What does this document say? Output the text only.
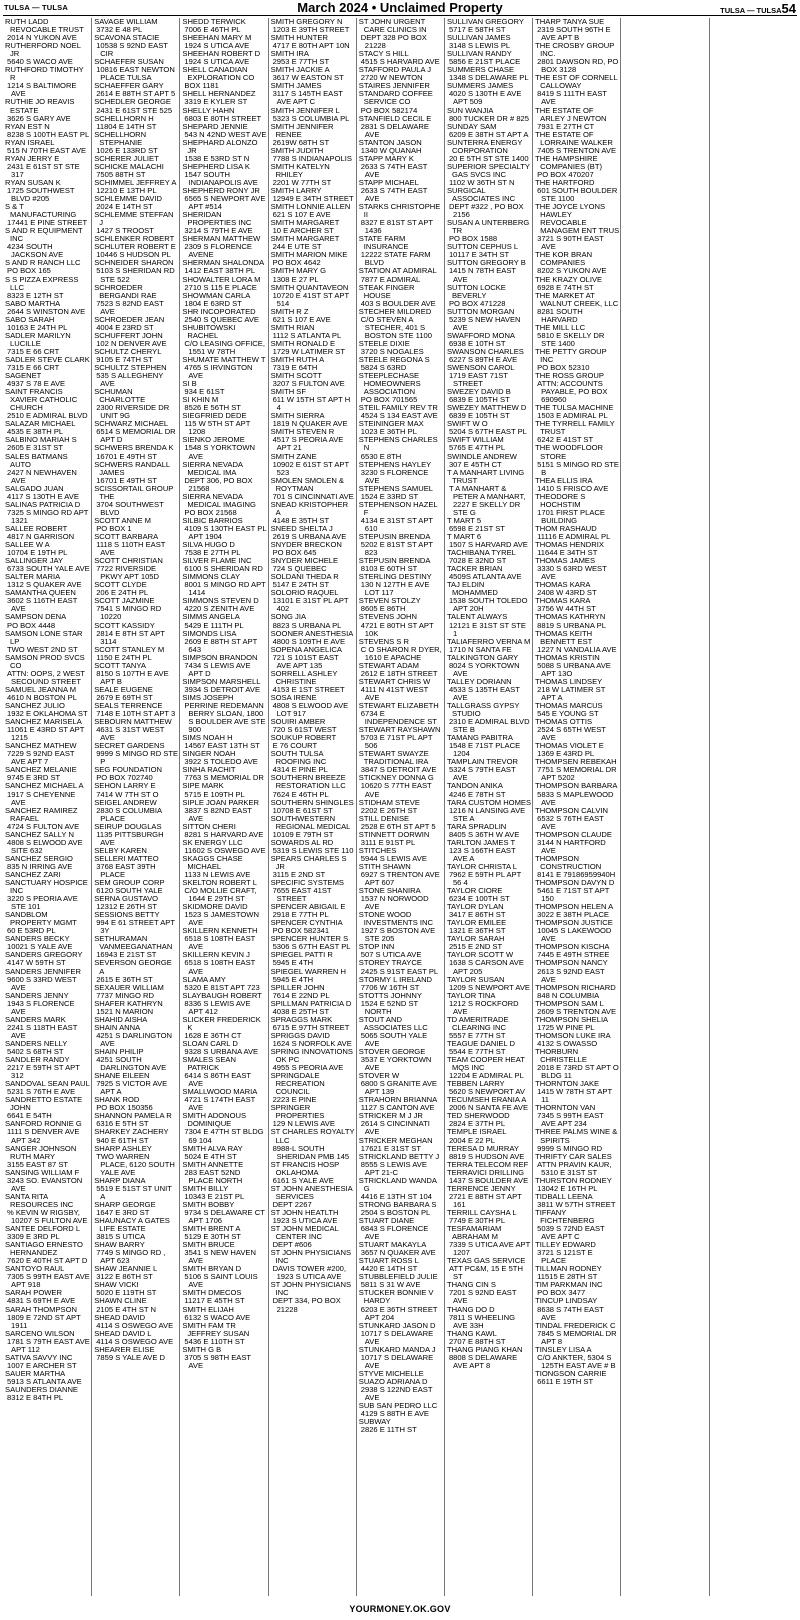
TULSA — TULSA	March 2024 • Unclaimed Property	TULSA — TULSA54
RUTH LADD REVOCABLE TRUST
2014 N YUKON AVE
RUTHERFORD NOEL JR
5640 S WACO AVE
RUTHFORD TIMOTHY R
1214 S BALTIMORE AVE
RUTHIE JO REAVIS ESTATE
3626 S GARY AVE
RYAN EST N
8238 S 100TH EAST PL
RYAN ISRAEL
515 N 70TH EAST AVE
RYAN JERRY E
2431 E 61ST ST STE 317
RYAN SUSAN K
1725 SOUTHWEST BLVD #205
S & T MANUFACTURING
17441 E PINE STREET
S AND R EQUIPMENT INC
4234 SOUTH JACKSON AVE
S AND R RANCH LLC
PO BOX 165
S S PIZZA EXPRESS LLC
8323 E 12TH ST
SABO MARTHA
2644 S WINSTON AVE
SABO SARAH
10163 E 24TH PL
SADLER MARILYN LUCILLE
7315 E 66 CRT
SADLER STEVE CLARK
7315 E 66 CRT
SAGENET
4937 S 78 E AVE
SAINT FRANCIS XAVIER CATHOLIC CHURCH
2510 E ADMIRAL BLVD
SALAZAR MICHAEL
4535 E 38TH PL
SALBINO MARIAH S
2605 E 31ST ST
SALES BATMANS AUTO
2427 N NEWHAVEN AVE
SALGADO JUAN
4117 S 130TH E AVE
SALINAS PATRICIA D
7325 S MINGO RD APT 1321
SALLEE ROBERT
4817 N GARRISON
SALLEE W A
10704 E 19TH PL
SALLINGER JAY
6733 SOUTH YALE AVE
SALTER MARIA
1312 S QUAKER AVE
SAMANTHA QUEEN
3602 S 116TH EAST AVE
SAMPSON DENA
PO BOX 4448
SAMSON LONE STAR LP
TWO WEST 2ND ST
SAMSON PROD SVCS CO
ATTN: OOPS, 2 WEST SECOUND STREET
SAMUEL JEANNA M
4610 N BOSTON PL
SANCHEZ JULIO
1932 E OKLAHOMA ST
SANCHEZ MARISELA
11061 E 43RD ST APT 1215
SANCHEZ MATHEW
7229 S 92ND EAST AVE APT 7
SANCHEZ MELANIE
9745 E 3RD ST
SANCHEZ MICHAEL A
1917 S CHEYENNE AVE
SANCHEZ RAMIREZ RAFAEL
4724 S FULTON AVE
SANCHEZ SALLY N
4808 S ELWOOD AVE SITE 632
SANCHEZ SERGIO
835 N IRRING AVE
SANCHEZ ZARI
SANCTUARY HOSPICE INC
3220 S PEORIA AVE STE 101
SANDBLOM PROPERTY MGMT
60 E 53RD PL
SANDERS BECKY
10021 S YALE AVE
SANDERS GREGORY
4147 W 59TH ST
SANDERS JENNIFER
9600 S 33RD WEST AVE
SANDERS JENNY
1943 S FLORENCE AVE
SANDERS MARK
2241 S 118TH EAST AVE
SANDERS NELLY
5402 S 68TH ST
SANDLER RANDY
2217 E 59TH ST APT 312
SANDOVAL SEAN PAUL
5231 S 76TH E AVE
SANDRETTO ESTATE JOHN
6641 E 54TH
SANFORD RONNIE G
1111 S DENVER AVE APT 342
SANGER JOHNSON RUTH MARY
3155 EAST 87 ST
SANSING WILLIAM F
3243 SO. EVANSTON AVE
SANTA RITA RESOURCES INC
% KEVIN W RIGSBY, 10207 S FULTON AVE
SANTEE DELFORD L
3309 E 3RD PL
SANTIAGO ERNESTO HERNANDEZ
7620 E 40TH ST APT D
SANTOYO RAUL
7305 S 99TH EAST AVE APT 918
SARAH POWER
4831 S 69TH E AVE
SARAH THOMPSON
1809 E 72ND ST APT 1911
SARCENO WILSON
1781 S 79TH EAST AVE APT 112
SATIVA SAVVY INC
1007 E ARCHER ST
SAUER MARTHA
5913 S ATLANTA AVE
SAUNDERS DIANNE
8312 E 84TH PL
SAVAGE WILLIAM
3732 E 48 PL
SCAVONA STACIE
10538 S 92ND EAST CIR
SCHAEFER SUSAN
10816 EAST NEWTON PLACE TULSA
SCHAEFFER GARY
2614 E 88TH ST APT 5
SCHEDLER GEORGE
2431 E 61ST STE 525
SCHELLHORN H
11804 E 14TH ST
SCHELLHORN STEPHANIE
1026 E 133RD ST
SCHERER JULIET
SCHICKE MALACHI
7505 88TH ST
SCHIMMEL JEFFREY A
12210 E 13TH PL
SCHLEMME DAVID
2024 E 14TH ST
SCHLEMME STEFFAN J
1427 S TROOST
SCHLENKER ROBERT
SCHLUTER ROBERT E
10446 S HUDSON PL
SCHNEIDER SHARON
5103 S SHERIDAN RD STE 522
SCHROEDER BERGANDI RAE
7523 S 82ND EAST AVE
SCHROEDER JEAN
4004 E 23RD ST
SCHUFFERT JOHN
102 N DENVER AVE
SCHULTZ CHERYL
9105 E 74TH ST
SCHULTZ STEPHEN
535 S ALLEGHENY AVE
SCHUMAN CHARLOTTE
2300 RIVERSIDE DR UNIT 9G
SCHWARZ MICHAEL
6514 S MEMORIAL DR APT D
SCHWERS BRENDA K
16701 E 49TH ST
SCHWERS RANDALL JAMES
16701 E 49TH ST
SCISSORTAIL GROUP THE
3704 SOUTHWEST BLVD
SCOTT ANNE M
PO BOX 1
SCOTT BARBARA
1118 S 110TH EAST AVE
SCOTT CHRISTIAN
7722 RIVERSIDE PKWY APT 105D
SCOTT CLYDE
206 E 24TH PL
SCOTT JAZMINE
7541 S MINGO RD 10220
SCOTT KASSIDY
2814 E 8TH ST APT 3114
SCOTT STANLEY M
1150 E 24TH PL
SCOTT TANYA
8150 S 107TH E AVE APT B
SEALE EUGENE
2679 E 69TH ST
SEALS TERRENCE
7148 E 10TH ST APT 3
SEBOURN MATTHEW
4631 S 31ST WEST AVE
SECRET GARDENS
9999 S MINGO RD STE P
SEG FOUNDATION
PO BOX 702740
SEHON LARRY E
7414 W 7TH ST O
SEIGEL ANDREW
2830 S COLUMBIA PLACE
SEIRUP DOUGLAS
1135 PITTSBURGH AVE
SELBY KAREN
SELLERI MATTEO
3768 EAST 39TH PLACE
SEM GROUP CORP
6120 SOUTH YALE
SERNA GUSTAVO
12312 E 26TH ST
SESSIONS BETTY
994 E 61 STREET APT 3Y
SETHURAMAN VANMEEGANATHAN
16943 E 21ST ST
SEVERSON GEORGE A
2615 E 36TH ST
SEXAUER WILLIAM
7737 MINGO RD
SHAFER KATHRYN
1521 N MARION
SHAHID AISHA
SHAIN ANNA
4251 S DARLINGTON AVE
SHAIN PHILIP
4251 SOUTH DARLINGTON AVE
SHANE EILEEN
7925 S VICTOR AVE APT A
SHANK ROD
PO BOX 150356
SHANNON PAMELA R
6316 E 5TH ST
SHARKEY ZACHERY
940 E 61TH ST
SHARP ASHLEY
TWO WARREN PLACE, 6120 SOUTH YALE AVE
SHARP DIANA
5519 E 51ST ST UNIT A
SHARP GEORGE
1647 E 3RD ST
SHAUNACY A GATES LIFE ESTATE
3815 S UTICA
SHAW BARRY
7749 S MINGO RD , APT 623
SHAW JEANNIE L
3122 E 86TH ST
SHAW VICKI
5020 E 119TH ST
SHAWN CLINE
2105 E 4TH ST N
SHEAD DAVID
4114 S OSWEGO AVE
SHEAD DAVID L
4114 S OSWEGO AVE
SHEARER ELISE
7859 S YALE AVE D
SHEDD TERWICK
7006 E 46TH PL
SHEEHAN MARY M
1924 S UTICA AVE
SHEEHAN ROBERT D
1924 S UTICA AVE
SHELL CANADIAN EXPLORATION CO
BOX 1181
SHELL HERNANDEZ
3319 E KYLER ST
SHELLY HAHN
6803 E 80TH STREET
SHEPARD JENNIE
543 N 42ND WEST AVE
SHEPHARD ALONZO JR
1538 E 53RD ST N
SHEPHERD LISA K
1547 SOUTH INDIANAPOLIS AVE
SHEPHERD RONY JR
6565 S NEWPORT AVE APT #514
SHERIDAN PROPERTIES INC
3214 S 79TH E AVE
SHERMAN MATTHEW
2309 S FLORENCE AVENE
SHERMAN SHALONDA
1412 EAST 38TH PL
SHOWALTER LORA M
2710 S 115 E PLACE
SHOWMAN CARLA
1804 E 63RD ST
SHR INCOPORATED
2540 S QUEBEC AVE
SHUBITOWSKI RACHEL
C/O LEASING OFFICE, 1551 W 78TH
SHUMATE MATTHEW T
4765 S IRVINGTON AVE
SI B
934 E 61ST
SI KHIN M
8526 E 56TH ST
SIEGFRIED DEDE
115 W 5TH ST APT 1208
SIENKO JEROME
1548 S YORKTOWN AVE
SIERRA NEVADA MEDICAL IMA
DEPT 306, PO BOX 21568
SIERRA NEVADA MEDICAL IMAGING
PO BOX 21568
SILBIC BARRIOS
4109 S 130TH EAST PL APT 1904
SILVA HUGO D
7538 E 27TH PL
SILVER FLAME INC
6100 S SHERIDAN RD
SIMMONS CLAY
8001 S MINGO RD APT 1414
SIMMONS STEVEN D
4220 S ZENITH AVE
SIMMS ANGELA
5429 E 111TH PL
SIMONDS LISA
2609 E 88TH ST APT 643
SIMPSON BRANDON
7434 S LEWIS AVE APT D
SIMPSON MARSHELL
3934 S DETROIT AVE
SIMS JOSEPH
PERRINE REDEMANN BERRY SLOAN, 1800 S BOULDER AVE STE 900
SIMS NOAH H
14567 EAST 13TH ST
SINGER NOAH
3922 S TOLEDO AVE
SINHA RACHIT
7763 S MEMORIAL DR
SIPE MARK
5715 E 109TH PL
SIPLE JOAN PARKER
3837 S 82ND EAST AVE
SITTON CHERI
8281 S HARVARD AVE
SK ENERGY LLC
11602 S OSWEGO AVE
SKAGGS CHASE MICHAEL
1133 N LEWIS AVE
SKELTON ROBERT L
C/O MOLLIE CRAFT, 1644 E 29TH ST
SKIDMORE DAVID
1523 S JAMESTOWN AVE
SKILLERN KENNETH
6518 S 108TH EAST AVE
SKILLERN KEVIN J
6518 S 108TH EAST AVE
SLAMA AMY
5320 E 81ST APT 723
SLAYBAUGH ROBERT
8336 S LEWIS AVE APT 412
SLICKER FREDERICK K
1628 E 36TH CT
SLOAN CARL D
9328 S URBANA AVE
SMALES SEAN PATRICK
6414 S 86TH EAST AVE
SMALLWOOD MARIA
4721 S 174TH EAST AVE
SMITH ADONOUS DOMINIQUE
7304 E 47TH ST BLDG 69 104
SMITH ALVA RAY
5024 E 4TH ST
SMITH ANNETTE
283 EAST 52ND PLACE NORTH
SMITH BILLY
10343 E 21ST PL
SMITH BOBBY
9734 S DELAWARE CT APT 1706
SMITH BRENT A
5129 E 30TH ST
SMITH BRUCE
3541 S NEW HAVEN AVE
SMITH BRYAN D
5106 S SAINT LOUIS AVE
SMITH DMECOS
11217 E 45TH ST
SMITH ELIJAH
6132 S WACO AVE
SMITH FAM TR JEFFREY SUSAN
5436 E 110TH ST
SMITH G B
3705 S 98TH EAST AVE
SMITH GREGORY N
1203 E 39TH STREET
SMITH HUNTER
4717 E 80TH APT 10N
SMITH IRA
2953 E 77TH ST
SMITH JACKIE A
3617 W EASTON ST
SMITH JAMES
3117 S 145TH EAST AVE APT C
SMITH JENNIFER L
5323 S COLUMBIA PL
SMITH JENNIFER RENEE
2619W 68TH ST
SMITH JUDITH
7788 S INDIANAPOLIS
SMITH KATELYN RHILEY
2201 W 77TH ST
SMITH LARRY
12949 E 34TH STREET
SMITH LONNIE ALLEN
621 S 107 E AVE
SMITH MARGARET
10 E ARCHER ST
SMITH MARGARET
244 E UTE ST
SMITH MARION MIKE
PO BOX 4642
SMITH MARY G
1308 E 27 PL
SMITH QUANTAVEON
10720 E 41ST ST APT 514
SMITH R Z
621 S 107 E AVE
SMITH RIAN
1112 S ATLANTA PL
SMITH RONALD E
1729 W LATIMER ST
SMITH RUTH A
7319 E 64TH
SMITH SCOTT
3207 S FULTON AVE
SMITH SF
611 W 15TH ST APT H 4
SMITH SIERRA
1819 N QUAKER AVE
SMITH STEVEN R
4517 S PEORIA AVE APT 21
SMITH ZANE
10902 E 61ST ST APT 523
SMOLEN SMOLEN & ROYTMAN
701 S CINCINNATI AVE
SNEAD KRISTOPHER A
4148 E 35TH ST
SNEED SHELTA J
2619 S URBANA AVE
SNYDER BRECKON
PO BOX 645
SNYDER MICHELE
724 S QUEBEC
SOLDANI THEDA R
5147 E 24TH ST
SOLORIO RAQUEL
13101 E 31ST PL APT 402
SONG JIA
8823 S URBANA PL
SOONER ANESTHESIA
4800 S 109TH E AVE
SOPENA ANGELICA
721 S 101ST EAST AVE APT 135
SORRELL ASHLEY CHRISTINE
4153 E 1ST STREET
SOSA IRENE
4808 S ELWOOD AVE LOT 917
SOUIRI AMBER
720 S 61ST WEST
SOUKUP ROBERT
E 76 COURT
SOUTH TULSA ROOFING INC
4314 E PINE PL
SOUTHERN BREEZE RESTORATION LLC
7624 E 46TH PL
SOUTHERN SHINGLES
10708 E 61ST ST
SOUTHWESTERN REGIONAL MEDICAL
10109 E 79TH ST
SOWARDS AL RD
5319 S LEWIS STE 110
SPEARS CHARLES S JR
3115 E 2ND ST
SPECIFIC SYSTEMS
7655 EAST 41ST STREET
SPENCER ABIGAIL E
2918 E 77TH PL
SPENCER CYNTHIA
PO BOX 582341
SPENCER HUNTER S
5306 S 67TH EAST PL
SPIEGEL PATTI R
5945 E 4TH
SPIEGEL WARREN H
5945 E 4TH
SPILLER JOHN
7614 E 22ND PL
SPILLMAN PATRICIA D
4038 E 25TH ST
SPRAGGS MARK
6715 E 97TH STREET
SPRIGGS DAVID
1624 S NORFOLK AVE
SPRING INNOVATIONS OK PC
4955 S PEORIA AVE
SPRINGDALE RECREATION COUNCIL
2223 E PINE
SPRINGER PROPERTIES
129 N LEWIS AVE
ST CHARLES ROYALTY LLC
8988-L SOUTH SHERIDAN PMB 145
ST FRANCIS HOSP OKLAHOMA
6161 S YALE AVE
ST JOHN ANESTHESIA SERVICES
DEPT 2267
ST JOHN HEATLTH
1923 S UTICA AVE
ST JOHN MEDICAL CENTER INC
DEPT #606
ST JOHN PHYSICIANS INC
DAVIS TOWER #200, 1923 S UTICA AVE
ST JOHN PHYSICIANS INC
DEPT 334, PO BOX 21228
ST JOHN URGENT CARE CLINICS IN
DEPT 328 PO BOX 21228
STACY S HILL
4515 S HARVARD AVE
STAFFORD PAULA J
2720 W NEWTON
STAIRES JENNIFER
STANDARD COFFEE SERVICE CO
PO BOX 582174
STANFIELD CECIL E
2831 S DELAWARE AVE
STANTON JASON
1340 W QUANAH
STAPP MARY K
2633 S 74TH EAST AVE
STAPP MICHAEL
2633 S 74TH EAST AVE
STARKS CHRISTOPHE II
8327 E 81ST ST APT 1436
STATE FARM INSURANCE
12222 STATE FARM BLVD
STATION AT ADMIRAL
7877 E ADMIRAL
STEAK FINGER HOUSE
403 S BOULDER AVE
STECHER MILDRED
C/O STEVEN A STECHER, 401 S BOSTON STE 1100
STEELE DIXIE
3720 S NOGALES
STEELE REGONA S
5824 S 63RD
STEEPLECHASE HOMEOWNERS ASSOCIATION
PO BOX 701565
STEIL FAMILY REV TR
4524 S 134 EAST AVE
STEININGER MAX
1023 E 36TH PL
STEPHENS CHARLES N
6530 E 8TH
STEPHENS HAYLEY
3230 S FLORENCE AVE
STEPHENS SAMUEL
1524 E 33RD ST
STEPHENSON HAZEL F
4134 E 31ST ST APT 610
STEPUSIN BRENDA
5202 E 81ST ST APT 823
STEPUSIN BRENDA
8103 E 60TH ST
STERLING DESTINY
130 N 127TH E AVE LOT 117
STEVEN STOLZY
8605 E 86TH
STEVENS JOHN
4721 E 80TH ST APT 10K
STEVENS S R
C O SHARON R DYER, 1610 E APACHE
STEWART ADAM
2612 E 18TH STREET
STEWART CHRIS W
4111 N 41ST WEST AVE
STEWART ELIZABETH
6734 E INDEPENDENCE ST
STEWART RAYSHAWN
5703 E 71ST PL APT 506
STEWART SWAYZE TRADITIONAL IRA
3847 S DETROIT AVE
STICKNEY DONNA G
10620 S 77TH EAST AVE
STIDHAM STEVE
2202 E 26TH ST
STILL DENISE
2528 E 6TH ST APT 5
STINNETT DORWIN
3111 E 91ST PL
STITCHES
5944 S LEWIS AVE
STITH SHAWN
6927 S TRENTON AVE APT 607
STONE SHANIRA
1537 N NORWOOD AVE
STONE WOOD INVESTMENTS INC
1927 S BOSTON AVE STE 205
STOP INN
507 S UTICA AVE
STOREY TRAYCE
2425 S 91ST EAST PL
STORMY L IRELAND
7706 W 16TH ST
STOTTS JOHNNY
1524 E 52ND ST NORTH
STOUT AND ASSOCIATES LLC
5065 SOUTH YALE AVE
STOVER GEORGE
3537 E YORKTOWN AVE
STOVER W
6800 S GRANITE AVE APT 139
STRAHORN BRIANNA
1127 S CANTON AVE
STRICKER M J JR
2614 S CINCINNATI AVE
STRICKER MEGHAN
17621 E 31ST ST
STRICKLAND BETTY J
8555 S LEWIS AVE APT 21-C
STRICKLAND WANDA G
4416 E 13TH ST 104
STRONG BARBARA S
2504 S BOSTON PL
STUART DIANE
6843 S FLORENCE AVE
STUART MAKAYLA
3657 N QUAKER AVE
STUART ROSS L
4420 E 14TH ST
STUBBLEFIELD JULIE
5811 S 31 W AVE
STUCKER BONNIE V HARDY
6203 E 36TH STREET APT 204
STUNKARD JASON D
10717 S DELAWARE AVE
STUNKARD MANDA J
10717 S DELAWARE AVE
STYVE MICHELLE
SUAZO ADRIANA D
2938 S 122ND EAST AVE
SUB SAN PEDRO LLC
4129 S 88TH E AVE
SUBWAY
2826 E 11TH ST
SULLIVAN GREGORY
5717 E 58TH ST
SULLIVAN JAMES
3148 S LEWIS PL
SULLIVAN RANDY
5856 E 21ST PLACE
SUMMERS CHASE
1348 S DELAWARE PL
SUMMERS JAMES
4020 S 130TH E AVE APT 509
SUN WANJIA
800 TUCKER DR # 825
SUNDAY SAM
6209 E 38TH ST APT A
SUNTERRA ENERGY CORPORATION
20 E 5TH ST STE 1400
SUPERIOR SPECIALTY GAS SVCS INC
1102 W 36TH ST N
SURGICAL ASSOCIATES INC
DEPT #322 , PO BOX 2156
SUSAN A UNTERBERG TR
PO BOX 1588
SUTTON CEPHUS L
10117 E 34TH ST
SUTTON GREGORY B
1415 N 78TH EAST AVE
SUTTON LOCKE BEVERLY
PO BOX 471228
SUTTON MORGAN
5239 S NEW HAVEN AVE
SWAFFORD MONA
6938 E 10TH ST
SWANSON CHARLES
6227 S 89TH E AVE
SWENSON CAROL
1719 EAST 71ST STREET
SWEZEY DAVID B
6839 E 105TH ST
SWEZEY MATTHEW D
6839 E 105TH ST
SWIFT W O
5204 S 67TH EAST PL
SWIFT WILLIAM
5765 E 47TH PL
SWINDLE ANDREW
307 E 45TH CT
T A MANHART LIVING TRUST
T A MANHART & PETER A MANHART, 2227 E SKELLY DR STE G
T MART 5
6598 E 21ST ST
T MART 6
1507 S HARVARD AVE
TACHIBANA TYREL
7028 E 32ND ST
TACKER BRIAN
4509S ATLANTA AVE
TAJ ELDIN MOHAMMED
1538 SOUTH TOLEDO APT 20H
TALENT ALWAYS
12121 E 31ST ST STE 1
TALIAFERRO VERNA M
1710 N SANTA FE
TALKINGTON GARY
8024 S YORKTOWN AVE
TALLEY DORIANN
4533 S 135TH EAST AVE
TALLGRASS GYPSY STUDIO
2310 E ADMIRAL BLVD STE B
TAMANG PABITRA
1548 E 71ST PLACE 1204
TAMPLAIN TREVOR
5324 S 79TH EAST AVE
TANDON ANIKA
4246 E 78TH ST
TARA CUSTOM HOMES
1216 N LANSING AVE STE A
TARA SPRADLIN
8405 S 36TH W AVE
TARLTON JAMES T
123 S 166TH EAST AVE A
TAYLOR CHRISTA L
7962 E 59TH PL APT 56 4
TAYLOR CIORE
6234 E 100TH ST
TAYLOR DYLAN
3417 E 86TH ST
TAYLOR EMILEE
1321 E 36TH ST
TAYLOR SARAH
2515 E 2ND ST
TAYLOR SCOTT W
1638 S CARSON AVE APT 205
TAYLOR SUSAN
1209 S NEWPORT AVE
TAYLOR TINA
1212 S ROCKFORD AVE
TD AMERITRADE CLEARING INC
5557 E 77TH ST
TEAGUE DANIEL D
5544 E 77TH ST
TEAM COOPER HEAT MQS INC
12204 E ADMIRAL PL
TEBBEN LARRY
5620 S NEWPORT AV
TECUMSEH ERANIA A
2006 N SANTA FE AVE
TED SHERWOOD
2824 E 37TH PL
TEMPLE ISRAEL
2004 E 22 PL
TERESA D MURRAY
8819 S HUDSON AVE
TERRA TELECOM REF
TERRAVICI DRILLING
1437 S BOULDER AVE
TERRENCE JENNY
2721 E 88TH ST APT 161
TERRILL CAYSHA L
7749 E 30TH PL
TESFAMARIAM ABRAHAM M
7339 S UTICA AVE APT 1207
TEXAS GAS SERVICE
ATT PC&M, 15 E 5TH ST
THANG CIN S
7201 S 92ND EAST AVE
THANG DO D
7811 S WHEELING AVE 33H
THANG KAWL
2707 E 88TH ST
THANG PIANG KHAN
8808 S DELAWARE AVE APT 8
THARP TANYA SUE
2319 SOUTH 96TH E AVE APT B
THE CROSBY GROUP INC.
2801 DAWSON RD, PO BOX 3128
THE EST OF CORNELL CALLOWAY
8419 S 111TH EAST AVE
THE ESTATE OF ARLEY J NEWTON
7931 E 27TH CT
THE ESTATE OF LORRAINE WALKER
7405 S TRENTON AVE
THE HAMPSHIRE COMPANIES (BT)
PO BOX 470207
THE HARTFORD
601 SOUTH BOULDER STE 1100
THE JOYCE LYONS HAWLEY REVOCABLE MANAGEM ENT TRUS
3721 S 90TH EAST AVE
THE KOR BRAN COMPANIES
8202 S YUKON AVE
THE KRAZY OLIVE
6928 E 74TH ST
THE MARKET AT WALNUT CREEK, LLC
8281 SOUTH HARVARD
THE MILL LLC
5810 E SKELLY DR STE 1400
THE PETTY GROUP INC
PO BOX 52310
THE ROSS GROUP
ATTN: ACCOUNTS PAYABLE, PO BOX 690960
THE TULSA MACHINE
1503 E ADMIRAL PL
THE TYRRELL FAMILY TRUST
6242 E 41ST ST
THE WOODFLOOR STORE
5151 S MINGO RD STE B
THEA ELLIS IRA
1410 S FRISCO AVE
THEODORE S HOCHSTIM
1701 FIRST PLACE BUILDING
THOM RASHAUD
11116 E ADMIRAL PL
THOMAS HENDRIX
11644 E 34TH ST
THOMAS JAMES
3330 S 63RD WEST AVE
THOMAS KARA
2408 W 43RD ST
THOMAS KARA
3756 W 44TH ST
THOMAS KATHRYN
8819 S URBANA PL
THOMAS KEITH BENNETT EST
1227 N VANDALIA AVE
THOMAS KRISTIN
5088 S URBANA AVE APT 13O
THOMAS LINDSEY
218 W LATIMER ST APT A
THOMAS MARCUS
545 E YOUNG ST
THOMAS OTTIS
2524 S 65TH WEST AVE
THOMAS VIOLET E
1369 E 43RD PL
THOMPSEN REBEKAH
7751 S MEMORIAL DR APT 5202
THOMPSON BARBARA
5833 S MAPLEWOOD AVE
THOMPSON CALVIN
6532 S 76TH EAST AVE
THOMPSON CLAUDE
3144 N HARTFORD AVE
THOMPSON CONSTRUCTION
8141 E 79186959940H
THOMPSON DAVYN D
5461 E 71ST ST APT 150
THOMPSON HELEN A
3022 E 38TH PLACE
THOMPSON JUSTICE
10045 S LAKEWOOD AVE
THOMPSON KISCHA
7445 E 49TH STREE
THOMPSON NANCY
2613 S 92ND EAST AVE
THOMPSON RICHARD
848 N COLUMBIA
THOMPSON SAM L
2609 S TRENTON AVE
THOMPSON SHELIA
1725 W PINE PL
THOMSON LUKE IRA
4132 S OWASSO
THORBURN CHRISTELLE
2018 E 73RD ST APT O BLDG 11
THORNTON JAKE
1415 W 78TH ST APT 11
THORNTON VAN
7345 S 99TH EAST AVE APT 234
THREE PALMS WINE & SPIRITS
9999 S MINGO RD
THRIFTY CAR SALES
ATTN PRAVIN KAUR, 5310 E 31ST ST
THURSTON RODNEY
13042 E 16TH PL
TIDBALL LEENA
3811 W 57TH STREET
TIFFANY FICHTENBERG
5039 S 72ND EAST AVE APT C
TILLEY EDWARD
3721 S 121ST E PLACE
TILLMAN RODNEY
11515 E 28TH ST
TIM PARKMAN INC
PO BOX 3477
TINCUP LINDSAY
8638 S 74TH EAST AVE
TINDAL FREDERICK C
7845 S MEMORIAL DR APT 8
TINSLEY LISA A
C/O ANKTER, 5304 S 125TH EAST AVE # B
TIONGSON CARRIE
6611 E 19TH ST
YOURMONEY.OK.GOV
